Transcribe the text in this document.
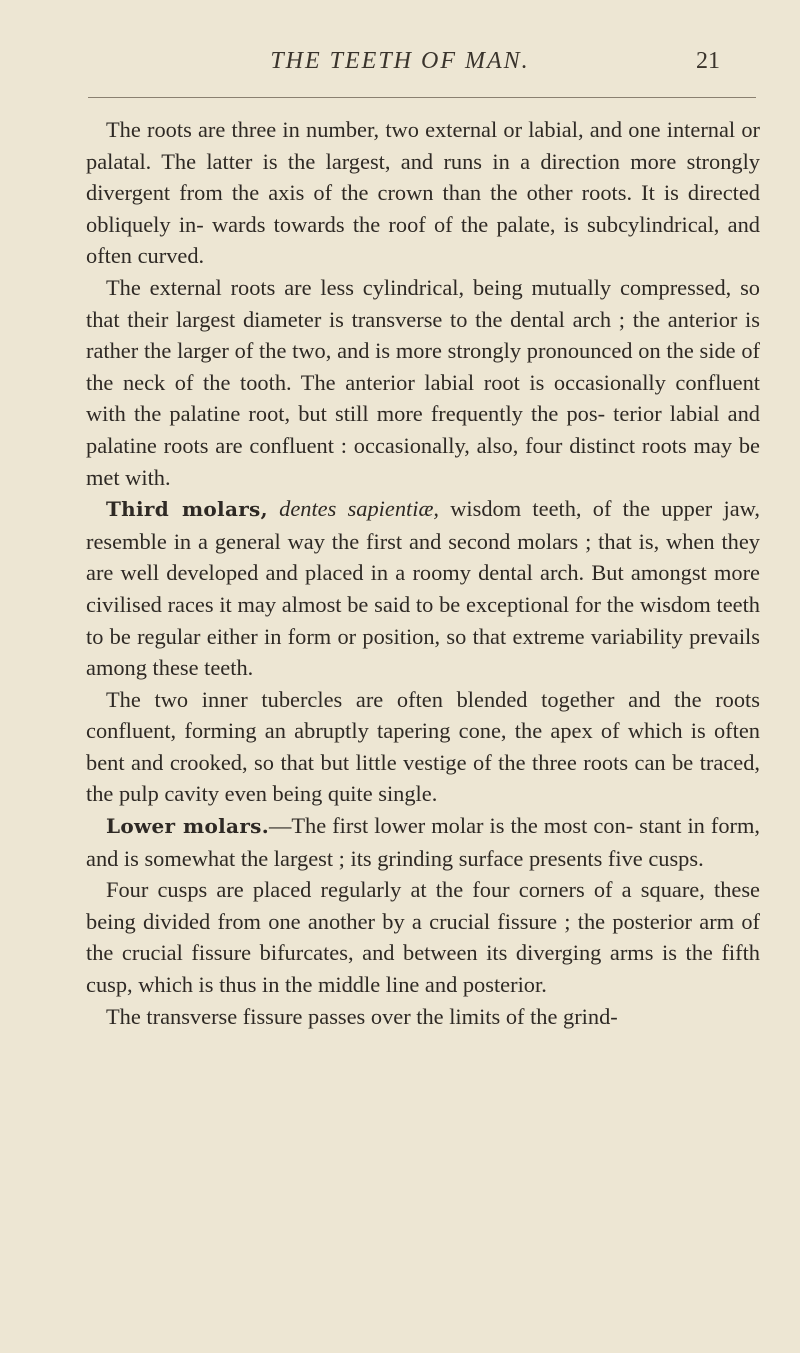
THE TEETH OF MAN.	21

The roots are three in number, two external or labial, and one internal or palatal. The latter is the largest, and runs in a direction more strongly divergent from the axis of the crown than the other roots. It is directed obliquely in- wards towards the roof of the palate, is subcylindrical, and often curved.

The external roots are less cylindrical, being mutually compressed, so that their largest diameter is transverse to the dental arch ; the anterior is rather the larger of the two, and is more strongly pronounced on the side of the neck of the tooth. The anterior labial root is occasionally confluent with the palatine root, but still more frequently the pos- terior labial and palatine roots are confluent : occasionally, also, four distinct roots may be met with.

Third molars, dentes sapientiæ, wisdom teeth, of the upper jaw, resemble in a general way the first and second molars ; that is, when they are well developed and placed in a roomy dental arch. But amongst more civilised races it may almost be said to be exceptional for the wisdom teeth to be regular either in form or position, so that extreme variability prevails among these teeth.

The two inner tubercles are often blended together and the roots confluent, forming an abruptly tapering cone, the apex of which is often bent and crooked, so that but little vestige of the three roots can be traced, the pulp cavity even being quite single.

Lower molars.—The first lower molar is the most con- stant in form, and is somewhat the largest ; its grinding surface presents five cusps.

Four cusps are placed regularly at the four corners of a square, these being divided from one another by a crucial fissure ; the posterior arm of the crucial fissure bifurcates, and between its diverging arms is the fifth cusp, which is thus in the middle line and posterior.

The transverse fissure passes over the limits of the grind-
